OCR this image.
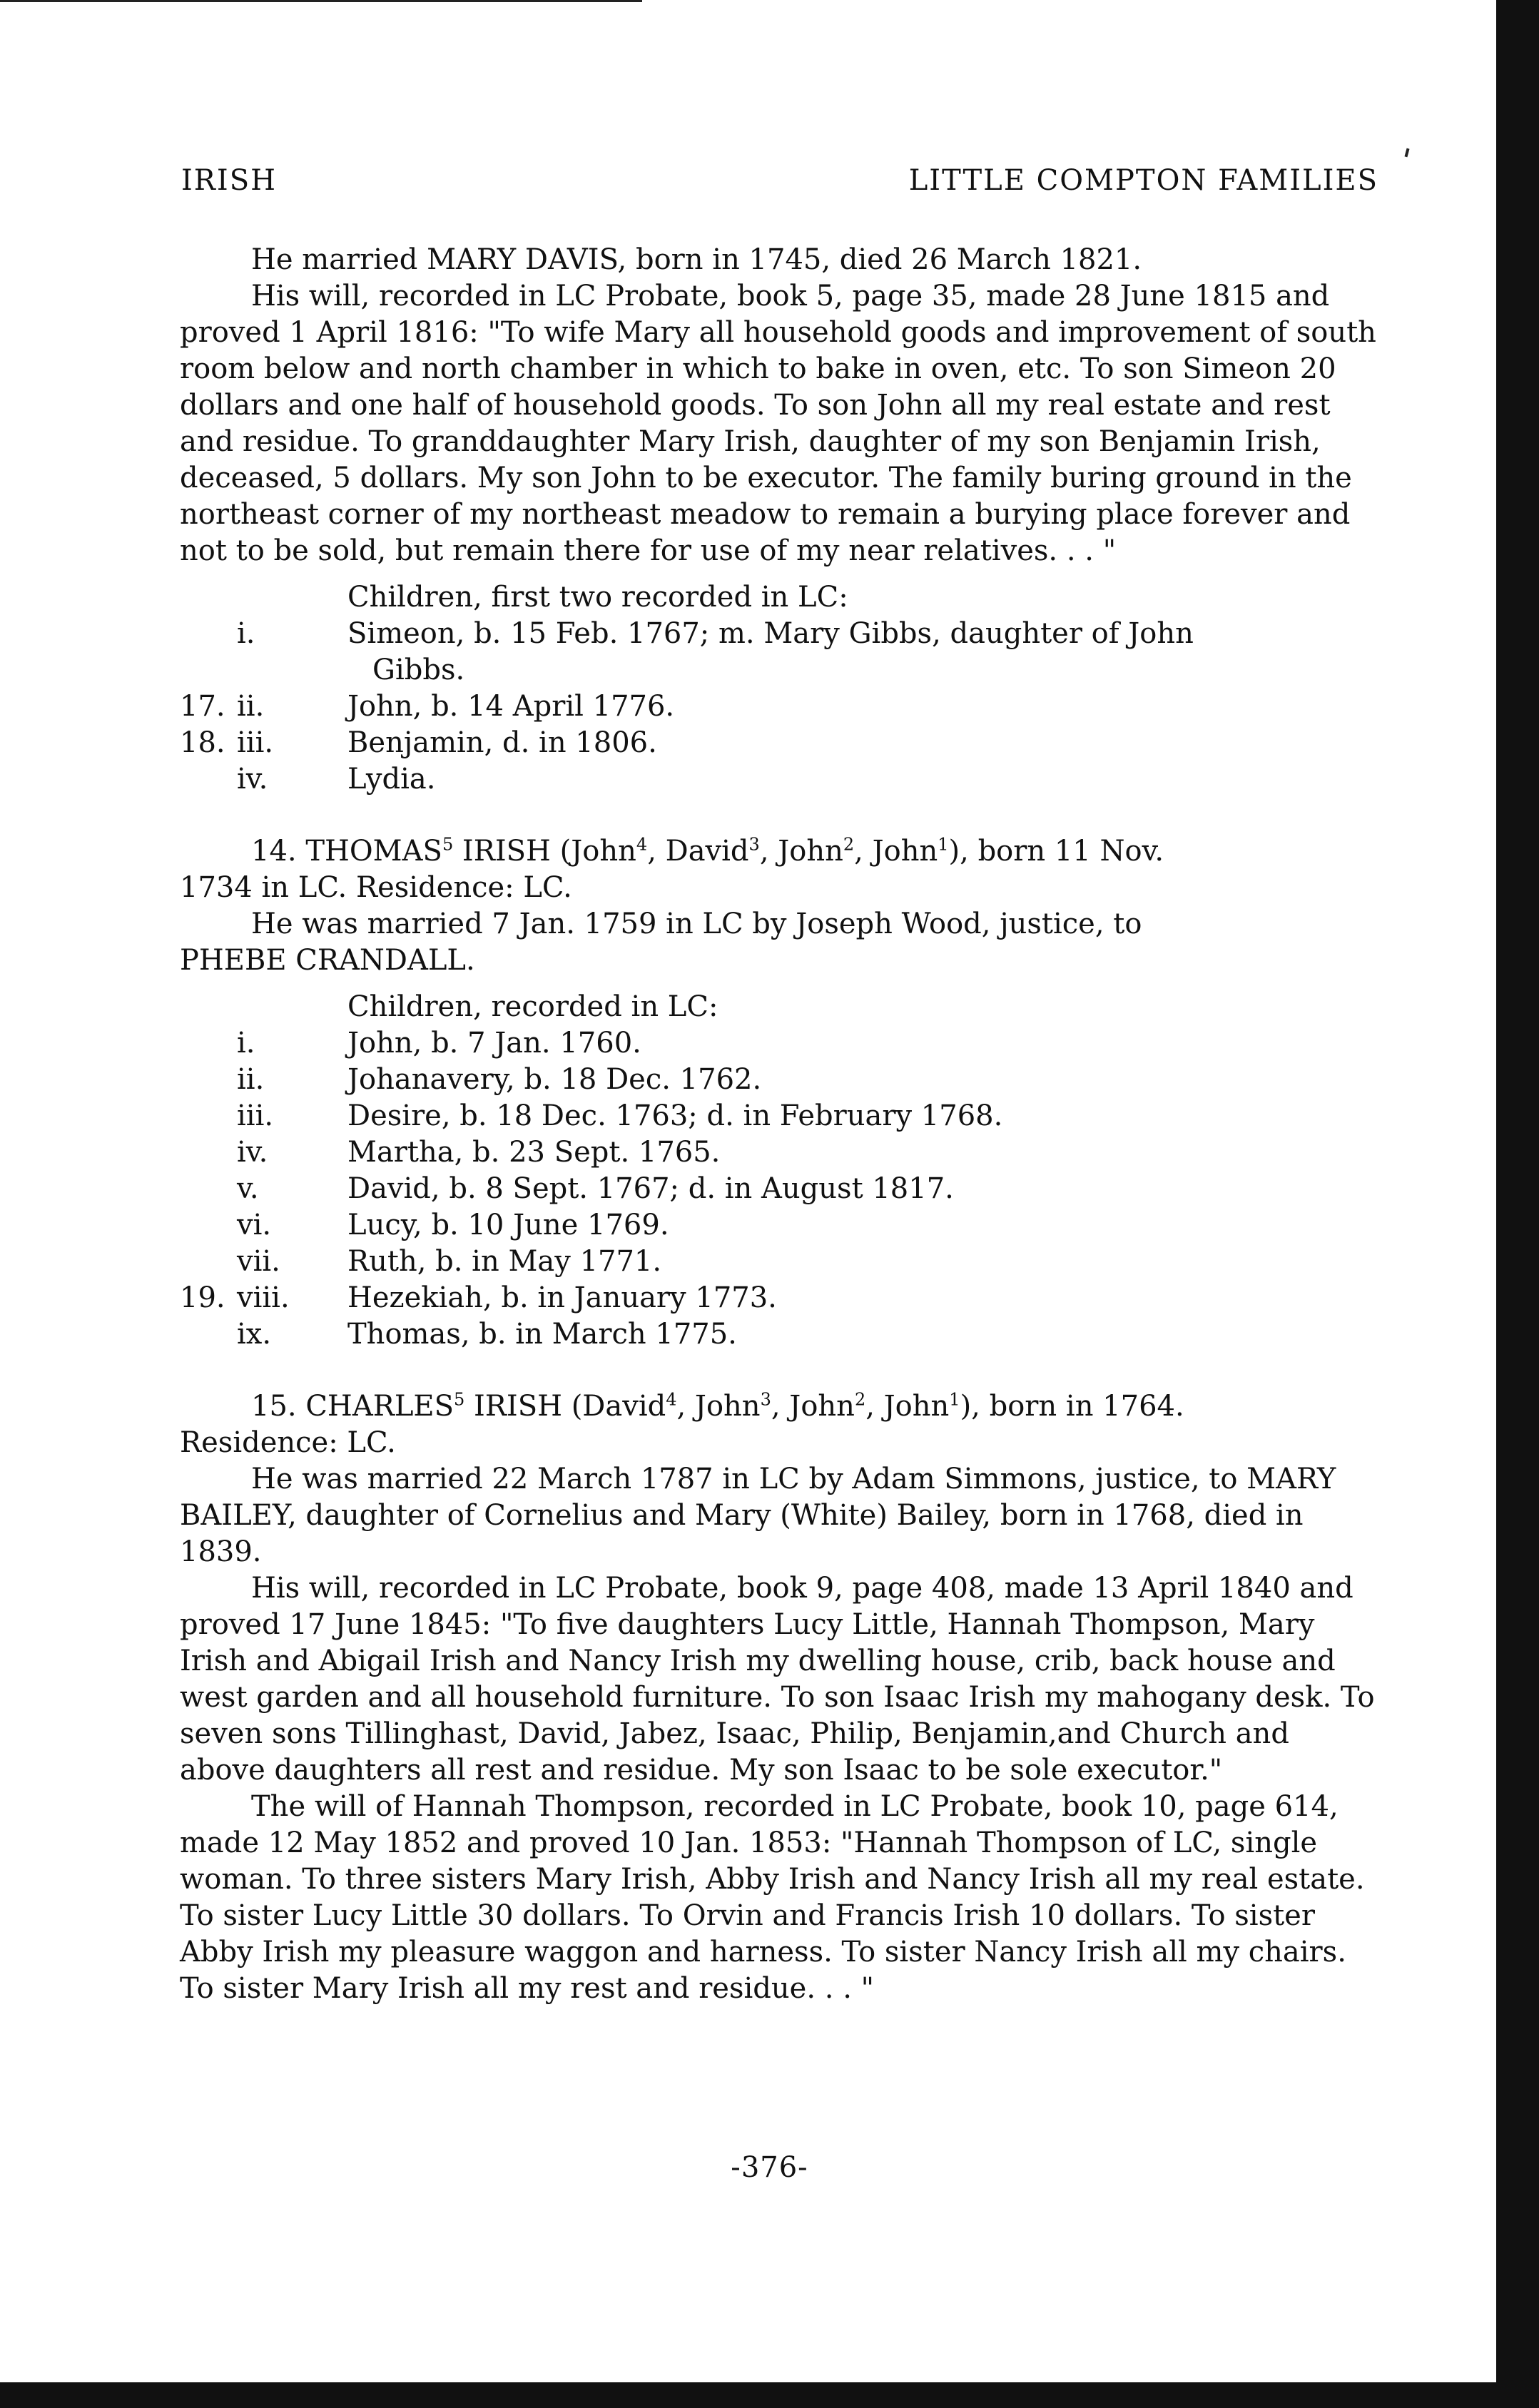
IRISH	LITTLE COMPTON FAMILIES

He married MARY DAVIS, born in 1745, died 26 March 1821.

His will, recorded in LC Probate, book 5, page 35, made 28 June 1815 and proved 1 April 1816: "To wife Mary all household goods and improvement of south room below and north chamber in which to bake in oven, etc. To son Simeon 20 dollars and one half of household goods. To son John all my real estate and rest and residue. To granddaughter Mary Irish, daughter of my son Benjamin Irish, deceased, 5 dollars. My son John to be executor. The family buring ground in the northeast corner of my northeast meadow to remain a burying place forever and not to be sold, but remain there for use of my near relatives. . . "

Children, first two recorded in LC:
i.	Simeon, b. 15 Feb. 1767; m. Mary Gibbs, daughter of John
Gibbs.
17. ii.	John, b. 14 April 1776.
18. iii.	Benjamin, d. in 1806.
iv.	Lydia.

14. THOMAS$^5$ IRISH (John$^4$, David$^3$, John$^2$, John$^1$), born 11 Nov.

1734 in LC. Residence: LC.

He was married 7 Jan. 1759 in LC by Joseph Wood, justice, to

PHEBE CRANDALL.

Children, recorded in LC:
i.	John, b. 7 Jan. 1760.
ii.	Johanavery, b. 18 Dec. 1762.
iii.	Desire, b. 18 Dec. 1763; d. in February 1768.
iv.	Martha, b. 23 Sept. 1765.
v.	David, b. 8 Sept. 1767; d. in August 1817.
vi.	Lucy, b. 10 June 1769.
vii.	Ruth, b. in May 1771.
19. viii.	Hezekiah, b. in January 1773.
ix.	Thomas, b. in March 1775.

15. CHARLES$^5$ IRISH (David$^4$, John$^3$, John$^2$, John$^1$), born in 1764.

Residence: LC.

He was married 22 March 1787 in LC by Adam Simmons, justice, to MARY BAILEY, daughter of Cornelius and Mary (White) Bailey, born in 1768, died in 1839.

His will, recorded in LC Probate, book 9, page 408, made 13 April 1840 and proved 17 June 1845: "To five daughters Lucy Little, Hannah Thompson, Mary Irish and Abigail Irish and Nancy Irish my dwelling house, crib, back house and west garden and all household furniture. To son Isaac Irish my mahogany desk. To seven sons Tillinghast, David, Jabez, Isaac, Philip, Benjamin,and Church and above daughters all rest and residue. My son Isaac to be sole executor."

The will of Hannah Thompson, recorded in LC Probate, book 10, page 614, made 12 May 1852 and proved 10 Jan. 1853: "Hannah Thompson of LC, single woman. To three sisters Mary Irish, Abby Irish and Nancy Irish all my real estate. To sister Lucy Little 30 dollars. To Orvin and Francis Irish 10 dollars. To sister Abby Irish my pleasure waggon and harness. To sister Nancy Irish all my chairs. To sister Mary Irish all my rest and residue. . . "

-376-
